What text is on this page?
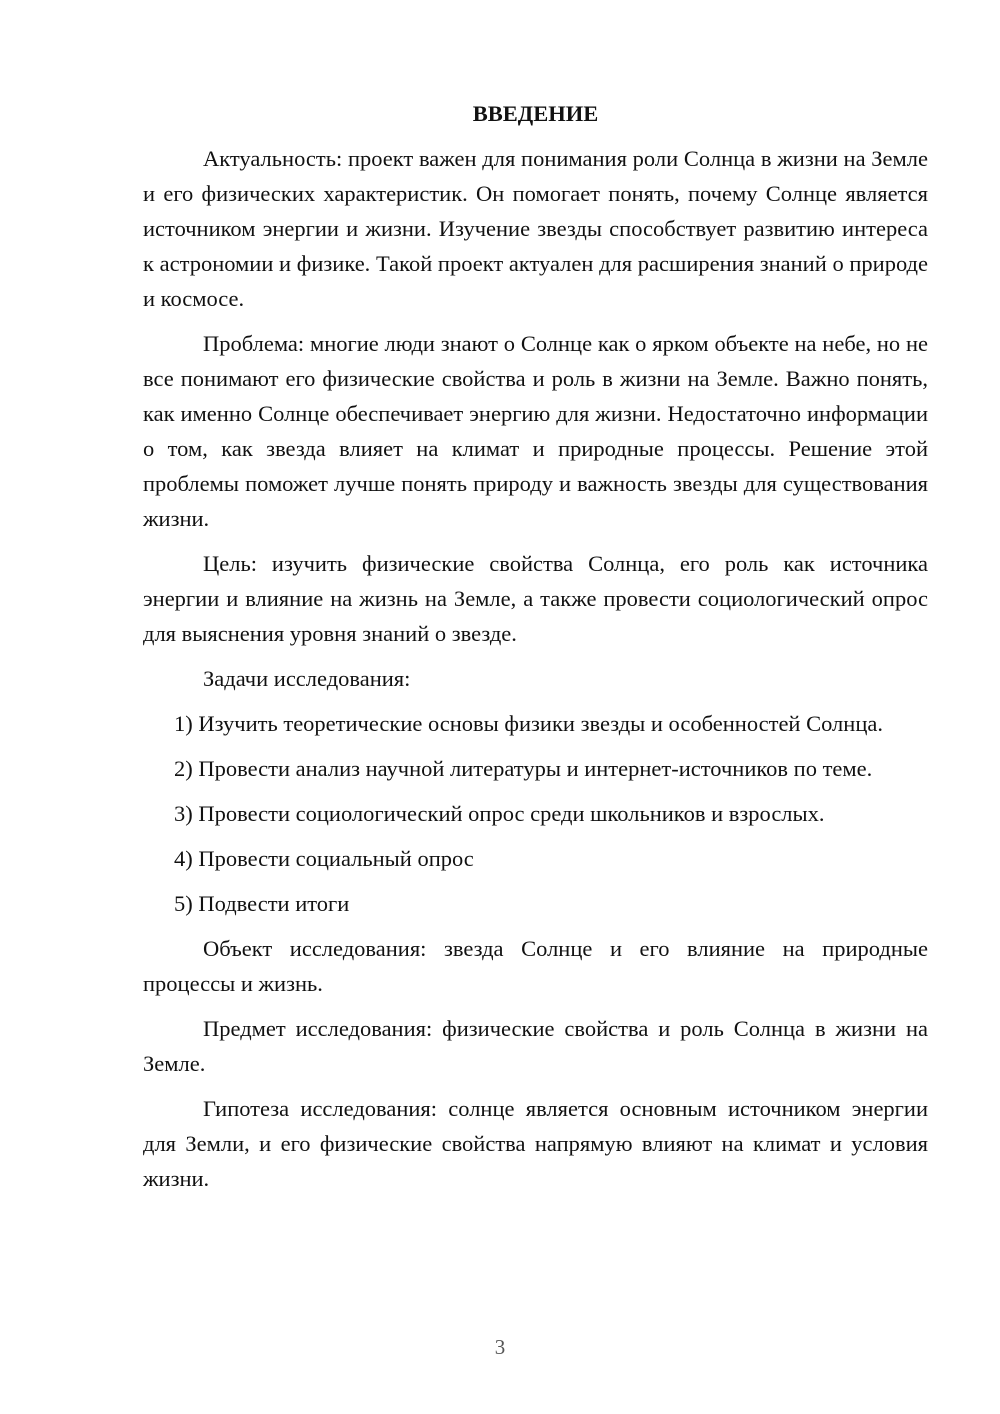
ВВЕДЕНИЕ

Актуальность: проект важен для понимания роли Солнца в жизни на Земле и его физических характеристик. Он помогает понять, почему Солнце является источником энергии и жизни. Изучение звезды способствует развитию интереса к астрономии и физике. Такой проект актуален для расширения знаний о природе и космосе.

Проблема: многие люди знают о Солнце как о ярком объекте на небе, но не все понимают его физические свойства и роль в жизни на Земле. Важно понять, как именно Солнце обеспечивает энергию для жизни. Недостаточно информации о том, как звезда влияет на климат и природные процессы. Решение этой проблемы поможет лучше понять природу и важность звезды для существования жизни.

Цель: изучить физические свойства Солнца, его роль как источника энергии и влияние на жизнь на Земле, а также провести социологический опрос для выяснения уровня знаний о звезде.

Задачи исследования:

1) Изучить теоретические основы физики звезды и особенностей Солнца.

2) Провести анализ научной литературы и интернет-источников по теме.

3) Провести социологический опрос среди школьников и взрослых.

4) Провести социальный опрос

5) Подвести итоги

Объект исследования: звезда Солнце и его влияние на природные процессы и жизнь.

Предмет исследования: физические свойства и роль Солнца в жизни на Земле.

Гипотеза исследования: солнце является основным источником энергии для Земли, и его физические свойства напрямую влияют на климат и условия жизни.

3
